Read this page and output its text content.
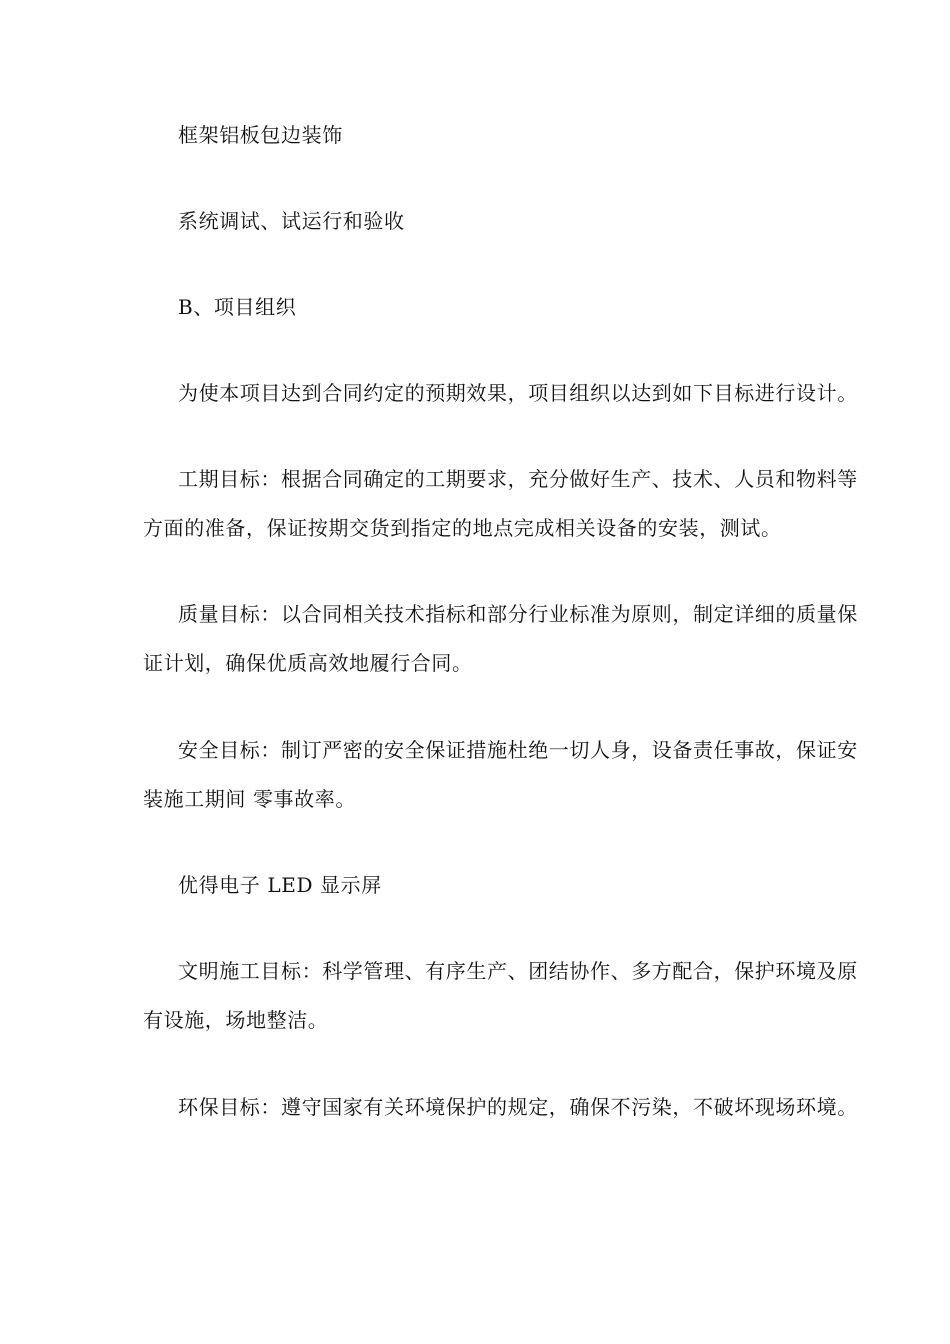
框架铝板包边装饰
系统调试、试运行和验收
B、项目组织
为使本项目达到合同约定的预期效果，项目组织以达到如下目标进行设计。
工期目标：根据合同确定的工期要求，充分做好生产、技术、人员和物料等
方面的准备，保证按期交货到指定的地点完成相关设备的安装，测试。
质量目标：以合同相关技术指标和部分行业标准为原则，制定详细的质量保
证计划，确保优质高效地履行合同。
安全目标：制订严密的安全保证措施杜绝一切人身，设备责任事故，保证安
装施工期间 零事故率。
优得电子 LED 显示屏
文明施工目标：科学管理、有序生产、团结协作、多方配合，保护环境及原
有设施，场地整洁。
环保目标：遵守国家有关环境保护的规定，确保不污染，不破坏现场环境。
